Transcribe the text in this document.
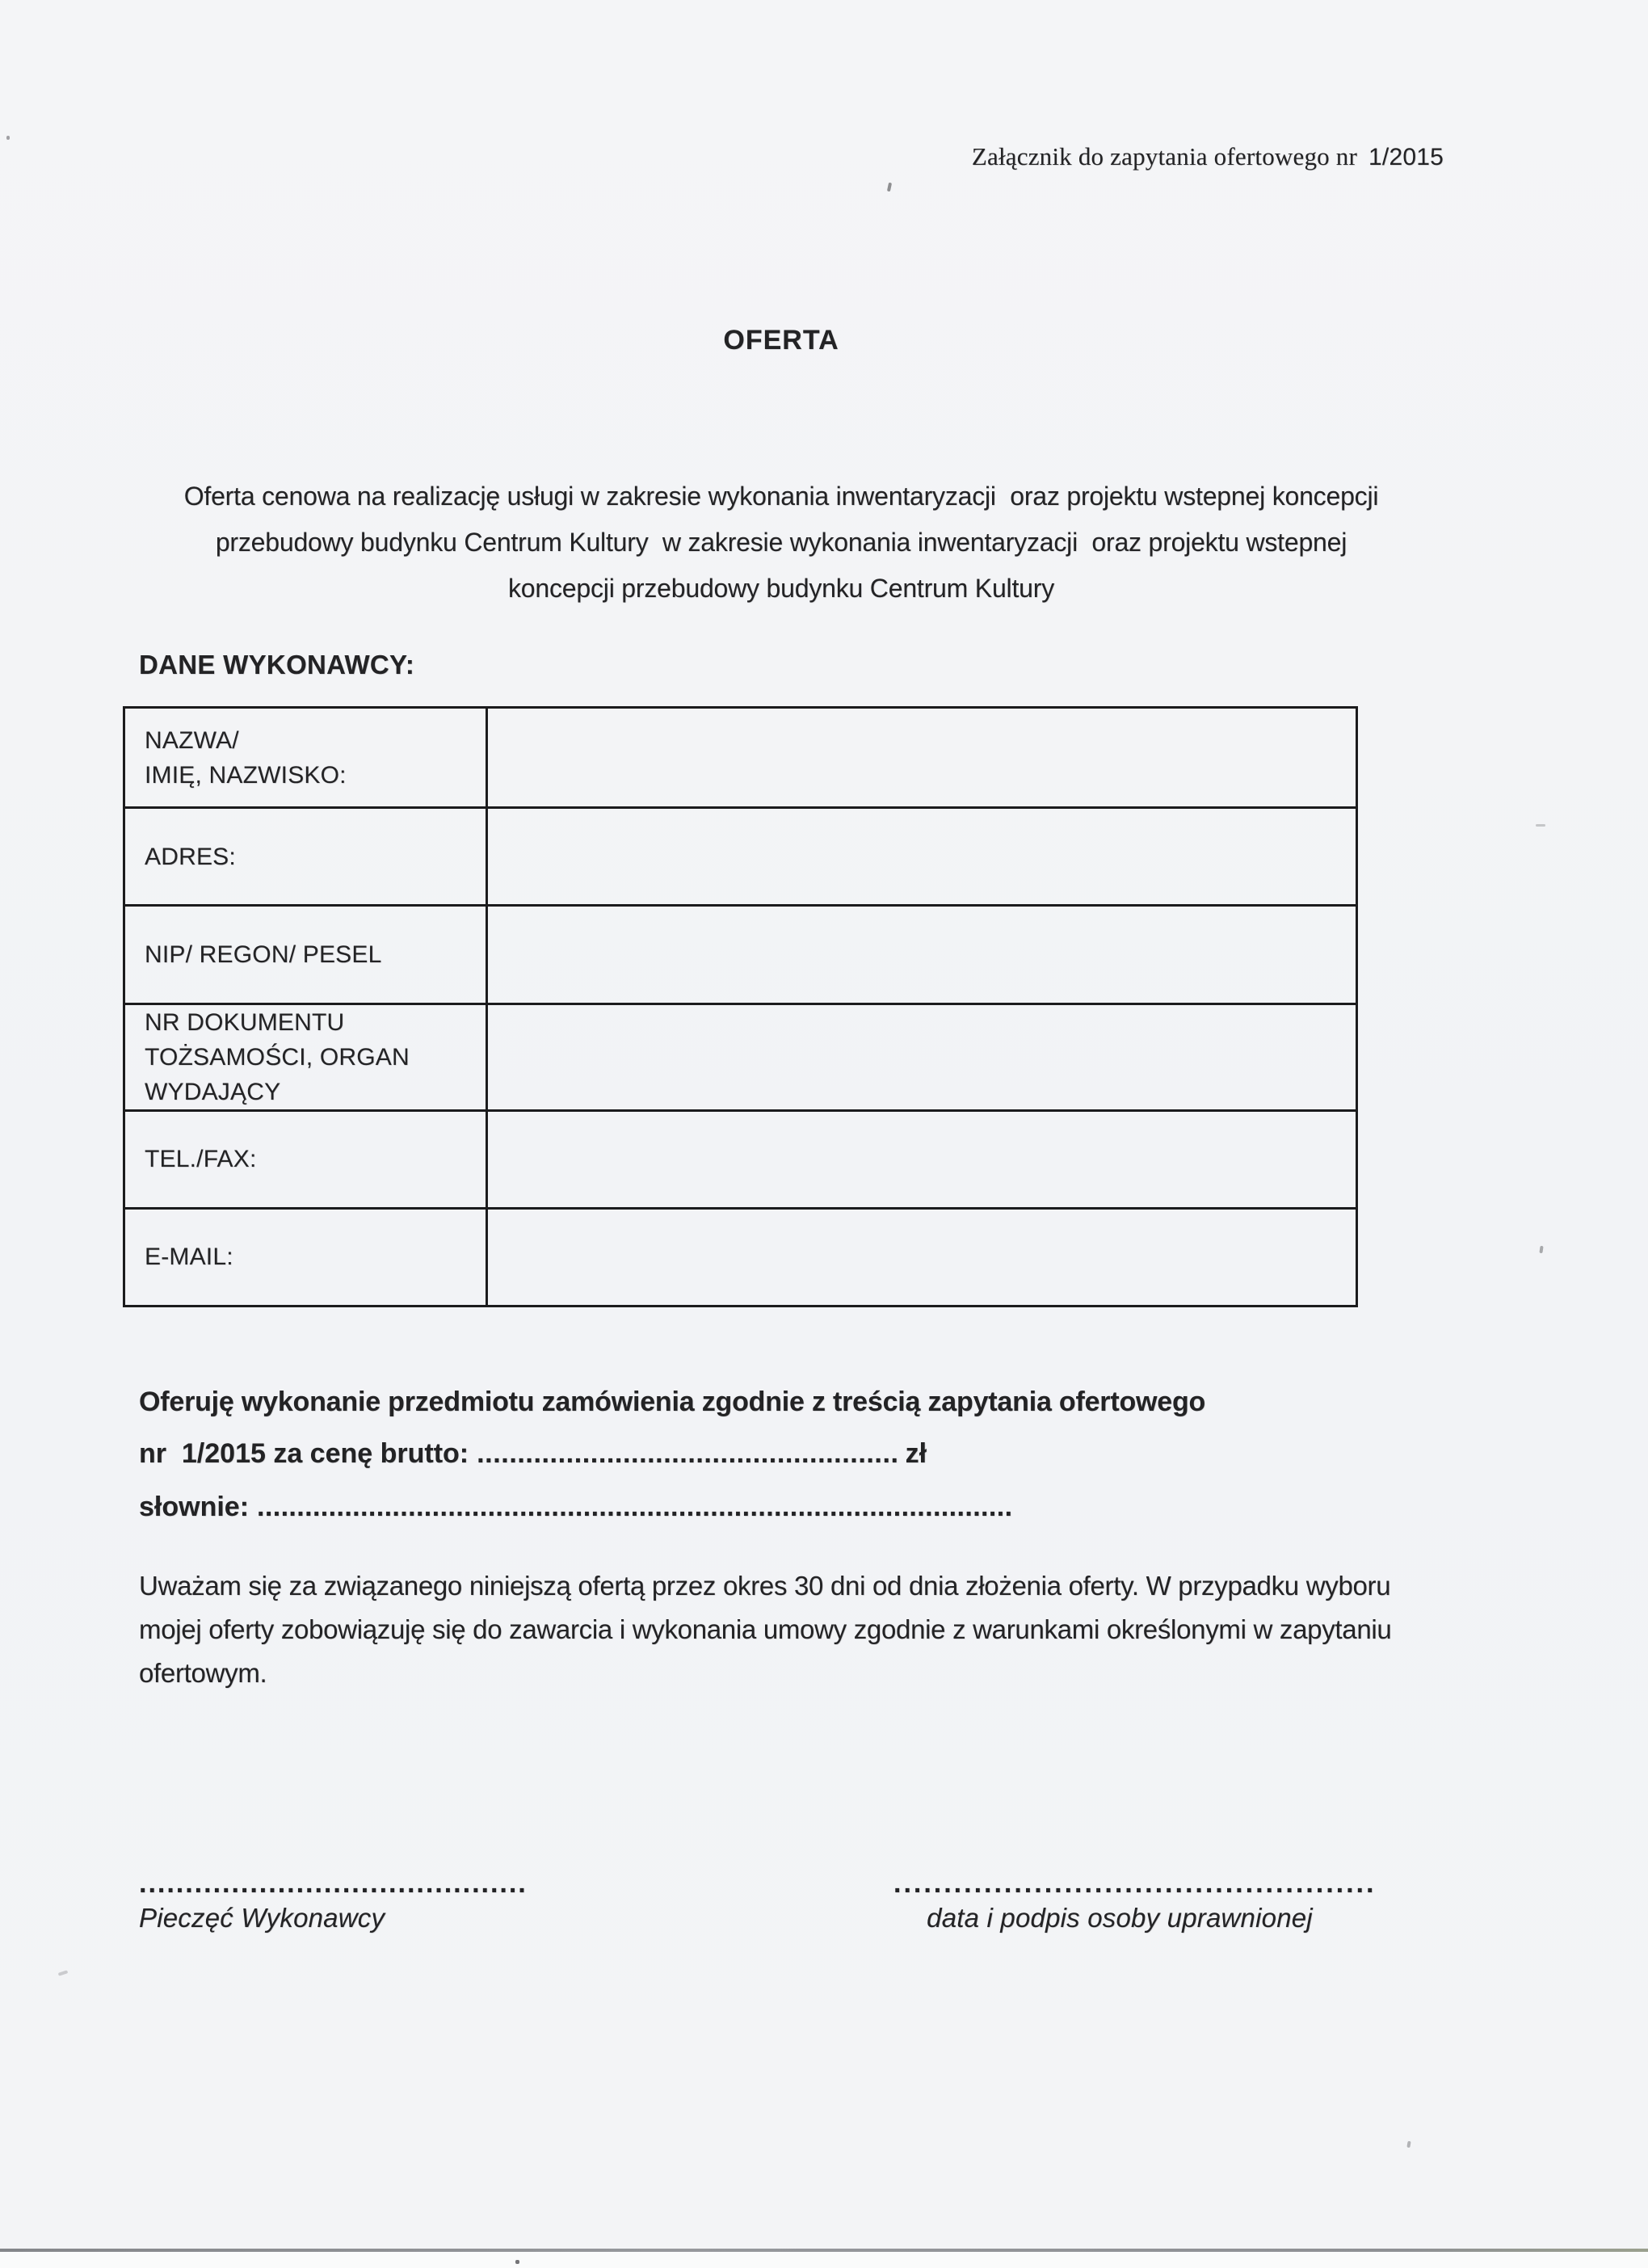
Załącznik do zapytania ofertowego nr 1/2015
OFERTA
Oferta cenowa na realizację usługi w zakresie wykonania inwentaryzacji  oraz projektu wstepnej koncepcji
przebudowy budynku Centrum Kultury  w zakresie wykonania inwentaryzacji  oraz projektu wstepnej
koncepcji przebudowy budynku Centrum Kultury
DANE WYKONAWCY:
NAZWA/
IMIĘ, NAZWISKO:
ADRES:
NIP/ REGON/ PESEL
NR DOKUMENTU
TOŻSAMOŚCI, ORGAN
WYDAJĄCY
TEL./FAX:
E-MAIL:
Oferuję wykonanie przedmiotu zamówienia zgodnie z treścią zapytania ofertowego
nr  1/2015 za cenę brutto: .................................................... zł
słownie: ...............................................................................................
Uważam się za związanego niniejszą ofertą przez okres 30 dni od dnia złożenia oferty. W przypadku wyboru
mojej oferty zobowiązuję się do zawarcia i wykonania umowy zgodnie z warunkami określonymi w zapytaniu
ofertowym.
..........................................
Pieczęć Wykonawcy
................................................
data i podpis osoby uprawnionej
